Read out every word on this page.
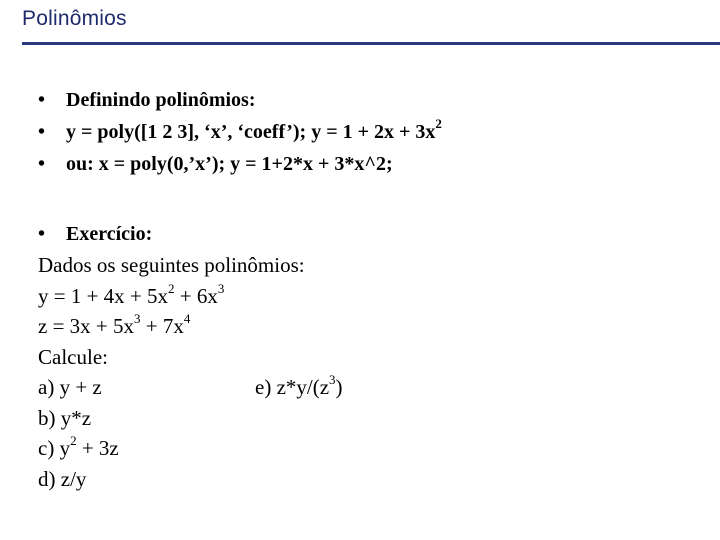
Polinômios
• Definindo polinômios:
• y = poly([1 2 3], ‘x’, ‘coeff’); $y = 1 + 2x + 3x^2$
• ou: x = poly(0,’x’); y = 1+2*x + 3*x^2;
• Exercício:
Dados os seguintes polinômios:
$y = 1 + 4x + 5x^2 + 6x^3$
$z = 3x + 5x^3 + 7x^4$
Calcule:
a) y + z	e) $z*y/(z^3)$
b) y*z
c) $y^2 + 3z$
d) z/y
